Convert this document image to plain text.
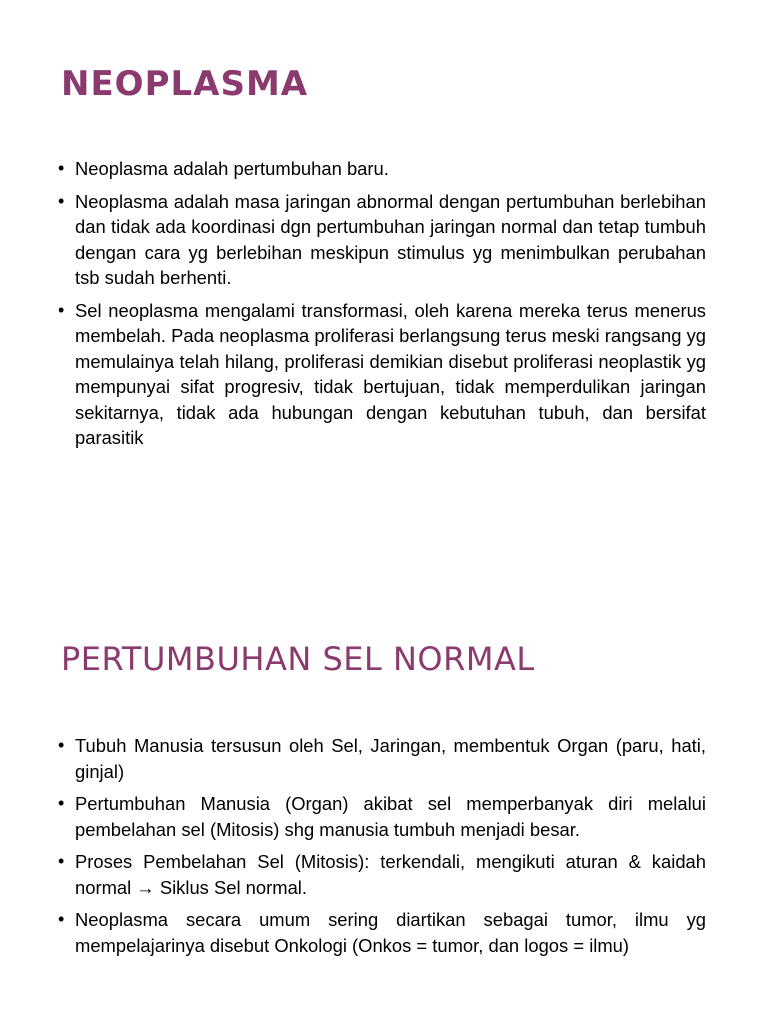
NEOPLASMA
• Neoplasma adalah pertumbuhan baru.
• Neoplasma adalah masa jaringan abnormal dengan pertumbuhan berlebihan dan tidak ada koordinasi dgn pertumbuhan jaringan normal dan tetap tumbuh dengan cara yg berlebihan meskipun stimulus yg menimbulkan perubahan tsb sudah berhenti.
• Sel neoplasma mengalami transformasi, oleh karena mereka terus menerus membelah. Pada neoplasma proliferasi berlangsung terus meski rangsang yg memulainya telah hilang, proliferasi demikian disebut proliferasi neoplastik yg mempunyai sifat progresiv, tidak bertujuan, tidak memperdulikan jaringan sekitarnya, tidak ada hubungan dengan kebutuhan tubuh, dan bersifat parasitik
PERTUMBUHAN SEL NORMAL
• Tubuh Manusia tersusun oleh Sel, Jaringan, membentuk Organ (paru, hati, ginjal)
• Pertumbuhan Manusia (Organ) akibat sel memperbanyak diri melalui pembelahan sel (Mitosis) shg manusia tumbuh menjadi besar.
• Proses Pembelahan Sel (Mitosis): terkendali, mengikuti aturan & kaidah normal → Siklus Sel normal.
• Neoplasma secara umum sering diartikan sebagai tumor, ilmu yg mempelajarinya disebut Onkologi (Onkos = tumor, dan logos = ilmu)
